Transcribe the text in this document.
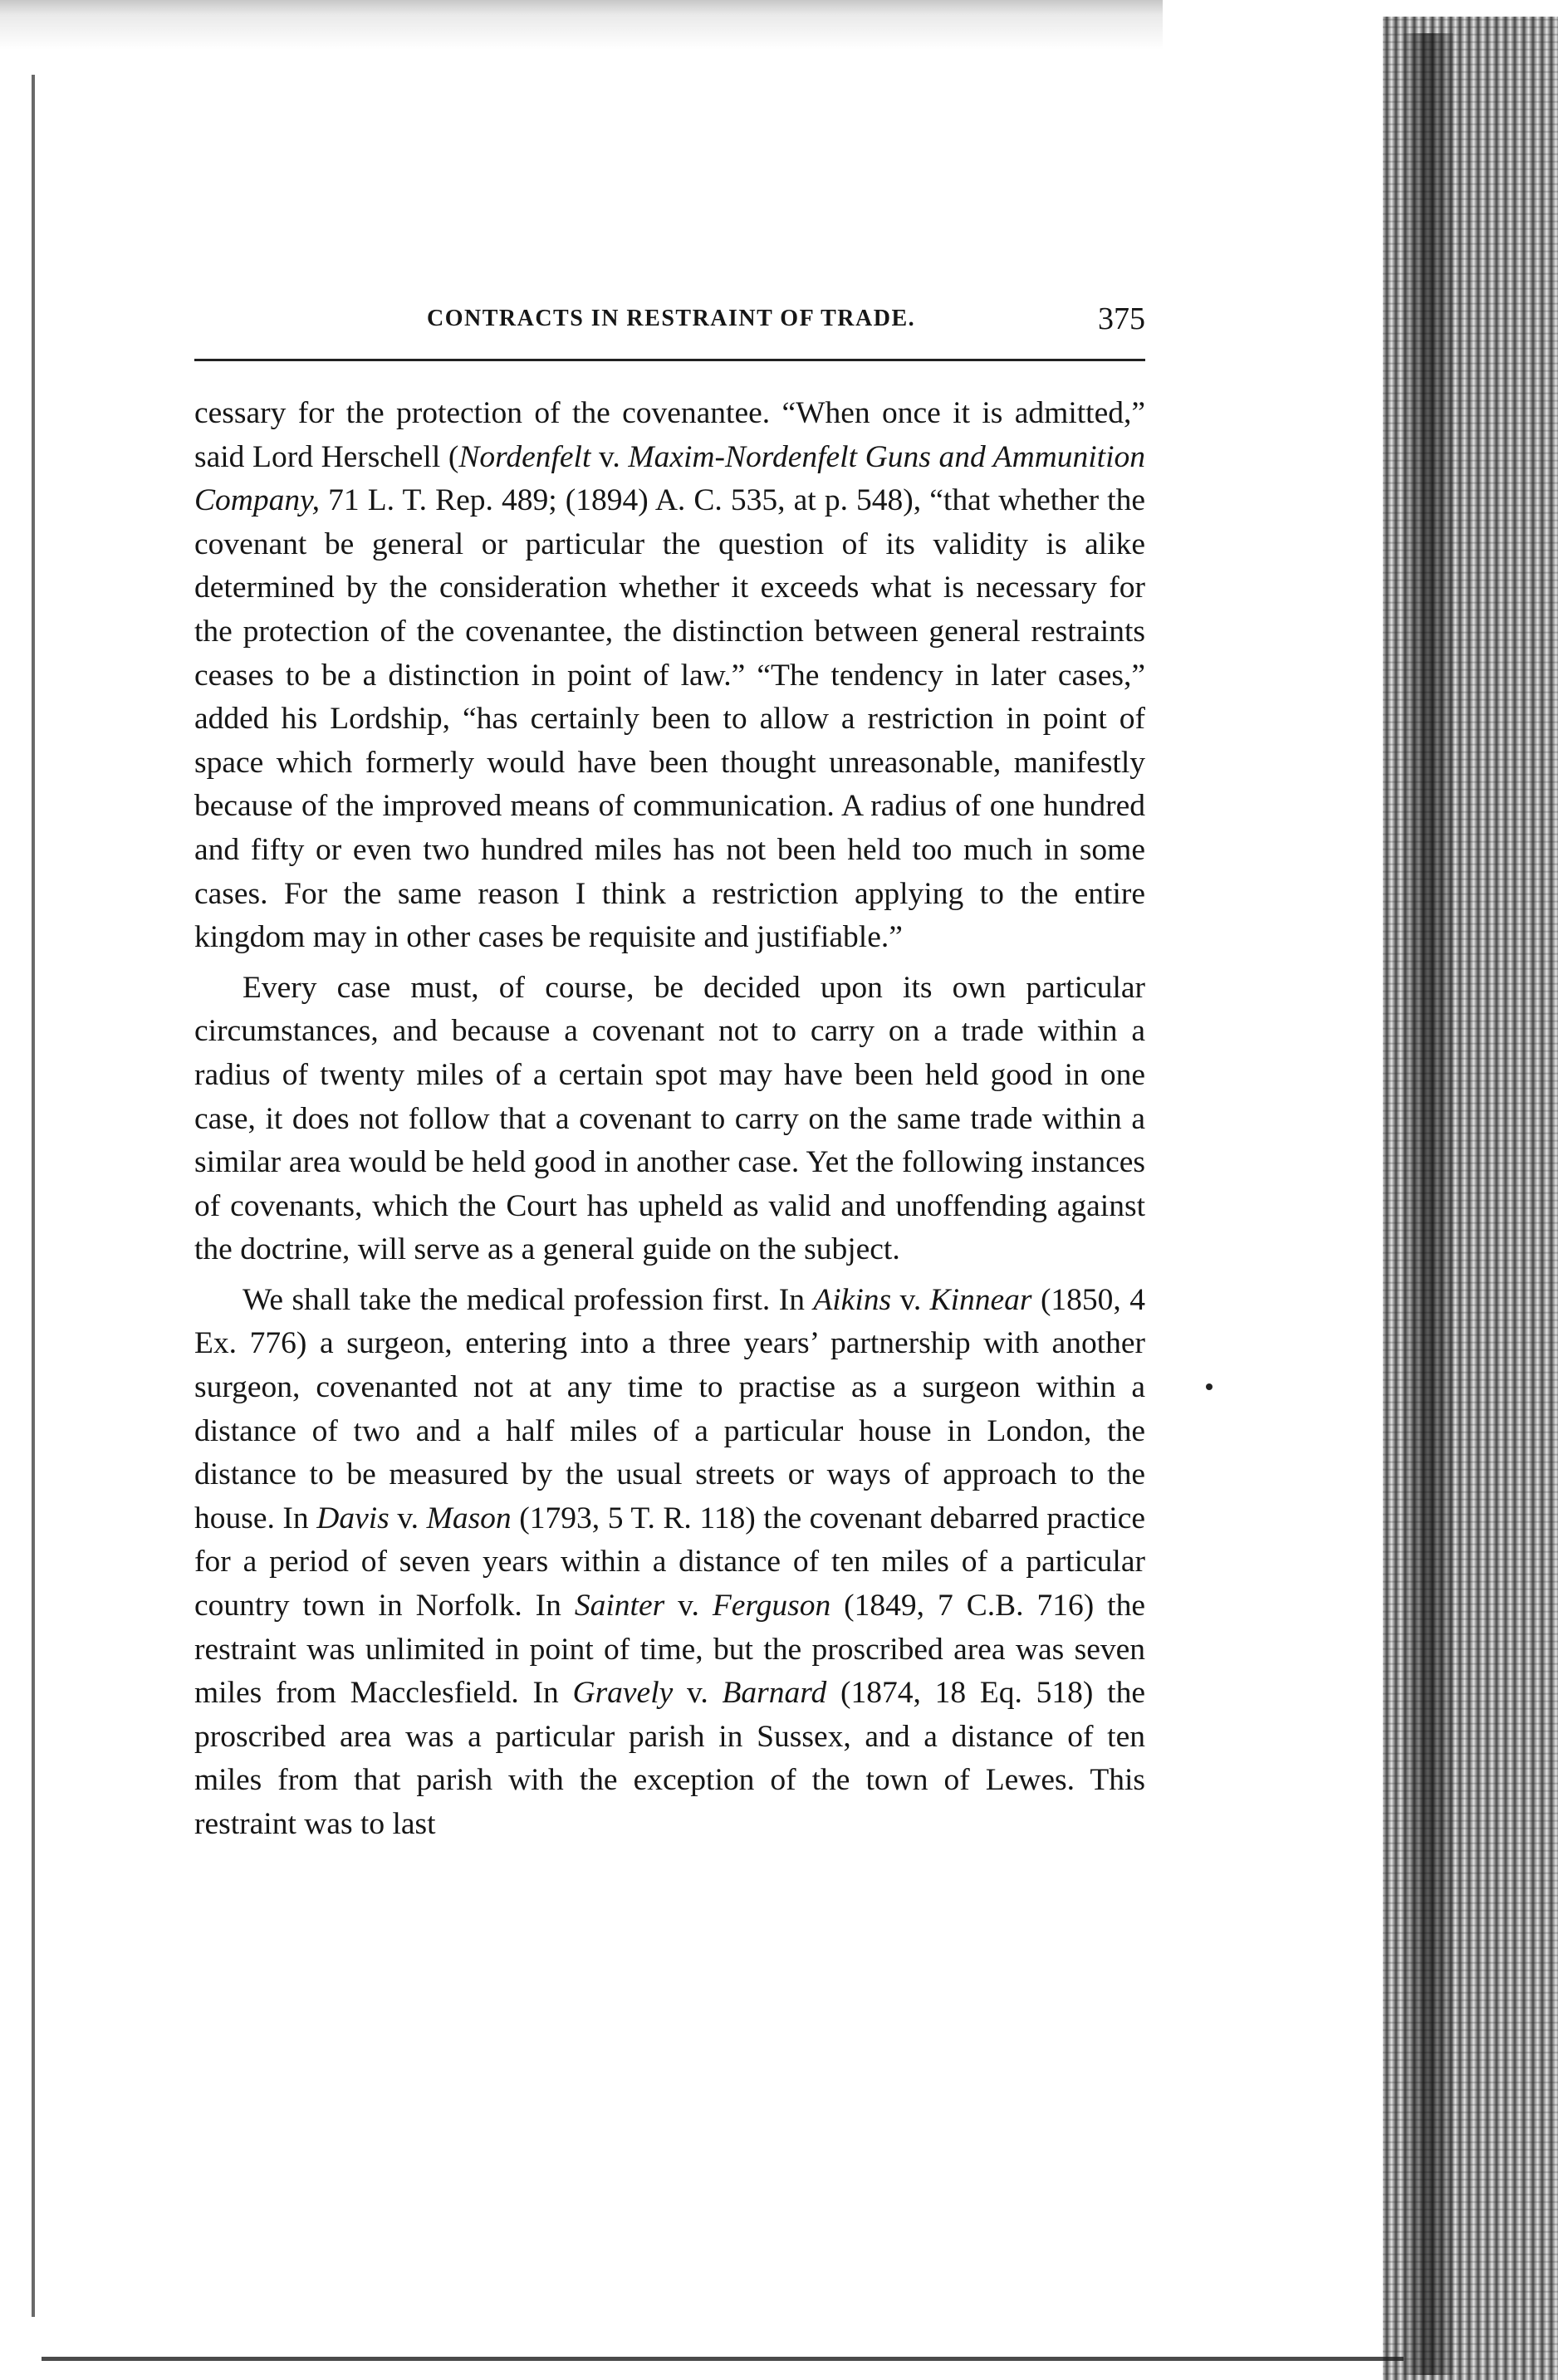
CONTRACTS IN RESTRAINT OF TRADE.	375

cessary for the protection of the covenantee. “When once it is admitted,” said Lord Herschell (Nordenfelt v. Maxim-Nordenfelt Guns and Ammunition Company, 71 L. T. Rep. 489; (1894) A. C. 535, at p. 548), “that whether the covenant be general or particular the question of its validity is alike determined by the consideration whether it exceeds what is necessary for the protection of the covenantee, the distinction between general restraints ceases to be a distinction in point of law.” “The tendency in later cases,” added his Lordship, “has certainly been to allow a restriction in point of space which formerly would have been thought unreasonable, manifestly because of the improved means of communication. A radius of one hundred and fifty or even two hundred miles has not been held too much in some cases. For the same reason I think a restriction applying to the entire kingdom may in other cases be requisite and justifiable.”

Every case must, of course, be decided upon its own particular circumstances, and because a covenant not to carry on a trade within a radius of twenty miles of a certain spot may have been held good in one case, it does not follow that a covenant to carry on the same trade within a similar area would be held good in another case. Yet the following instances of covenants, which the Court has upheld as valid and unoffending against the doctrine, will serve as a general guide on the subject.

We shall take the medical profession first. In Aikins v. Kinnear (1850, 4 Ex. 776) a surgeon, entering into a three years’ partnership with another surgeon, covenanted not at any time to practise as a surgeon within a distance of two and a half miles of a particular house in London, the distance to be measured by the usual streets or ways of approach to the house. In Davis v. Mason (1793, 5 T. R. 118) the covenant debarred practice for a period of seven years within a distance of ten miles of a particular country town in Norfolk. In Sainter v. Ferguson (1849, 7 C.B. 716) the restraint was unlimited in point of time, but the proscribed area was seven miles from Macclesfield. In Gravely v. Barnard (1874, 18 Eq. 518) the proscribed area was a particular parish in Sussex, and a distance of ten miles from that parish with the exception of the town of Lewes. This restraint was to last
